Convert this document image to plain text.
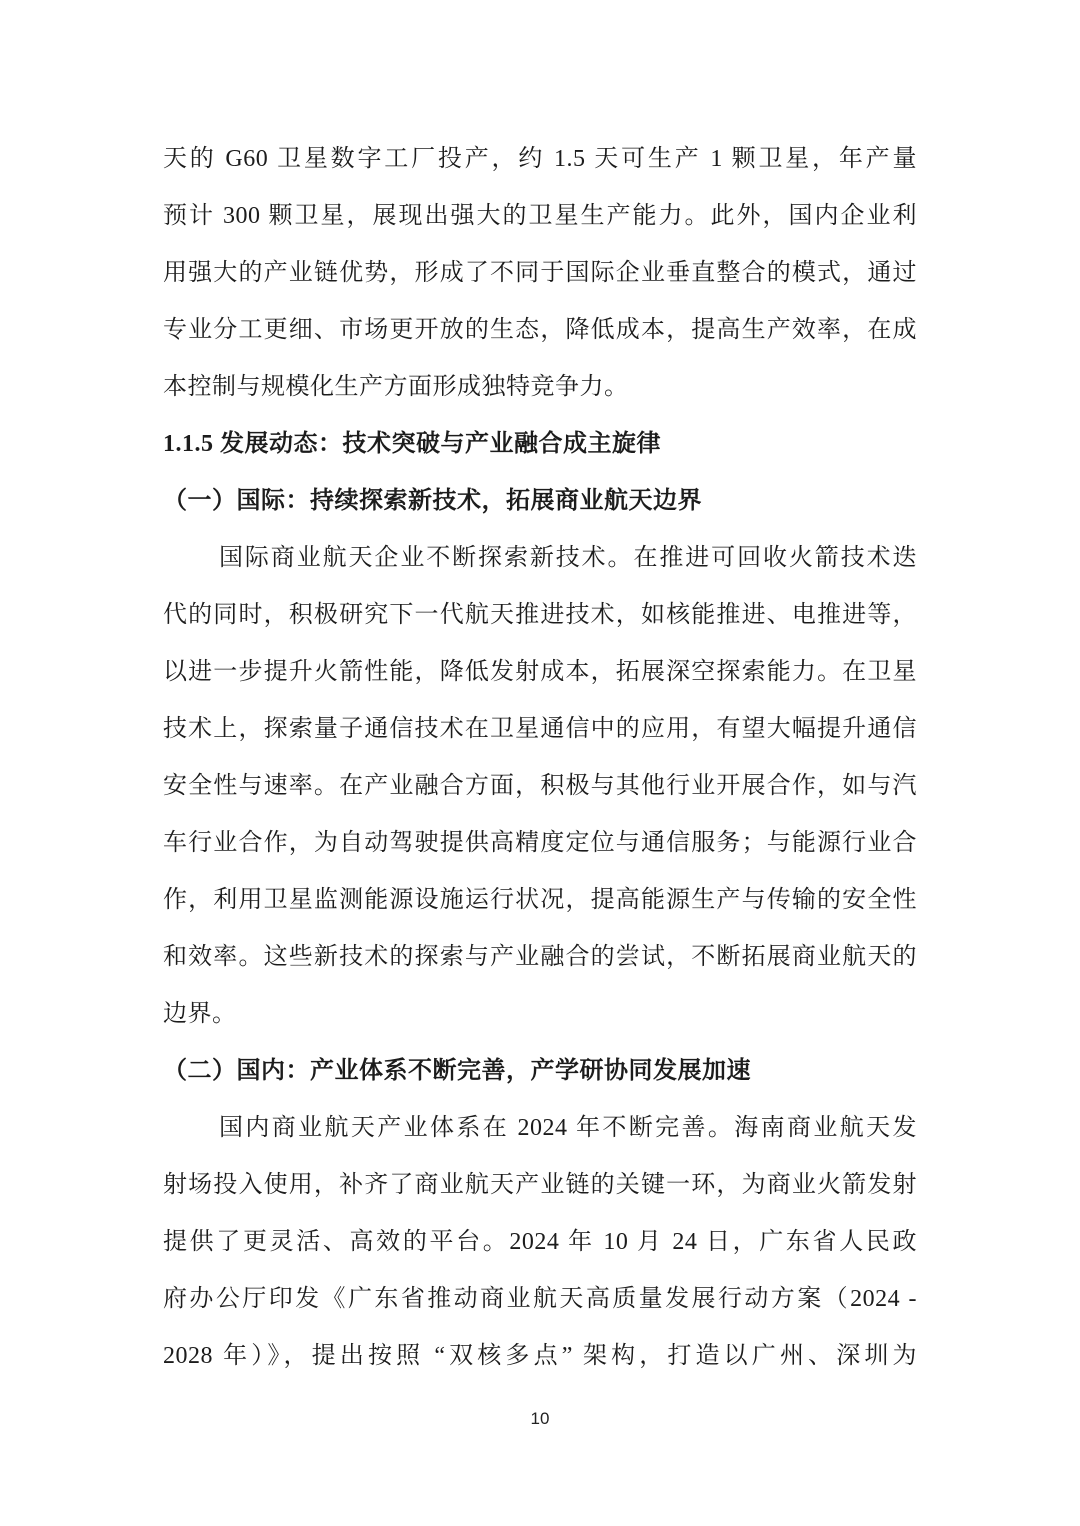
天的 G60 卫星数字工厂投产，约 1.5 天可生产 1 颗卫星，年产量
预计 300 颗卫星，展现出强大的卫星生产能力。此外，国内企业利
用强大的产业链优势，形成了不同于国际企业垂直整合的模式，通过
专业分工更细、市场更开放的生态，降低成本，提高生产效率，在成
本控制与规模化生产方面形成独特竞争力。
1.1.5 发展动态：技术突破与产业融合成主旋律
（一）国际：持续探索新技术，拓展商业航天边界
国际商业航天企业不断探索新技术。在推进可回收火箭技术迭
代的同时，积极研究下一代航天推进技术，如核能推进、电推进等，
以进一步提升火箭性能，降低发射成本，拓展深空探索能力。在卫星
技术上，探索量子通信技术在卫星通信中的应用，有望大幅提升通信
安全性与速率。在产业融合方面，积极与其他行业开展合作，如与汽
车行业合作，为自动驾驶提供高精度定位与通信服务；与能源行业合
作，利用卫星监测能源设施运行状况，提高能源生产与传输的安全性
和效率。这些新技术的探索与产业融合的尝试，不断拓展商业航天的
边界。
（二）国内：产业体系不断完善，产学研协同发展加速
国内商业航天产业体系在 2024 年不断完善。海南商业航天发
射场投入使用，补齐了商业航天产业链的关键一环，为商业火箭发射
提供了更灵活、高效的平台。2024 年 10 月 24 日，广东省人民政
府办公厅印发《广东省推动商业航天高质量发展行动方案（2024 -
2028 年）》，提出按照 “双核多点” 架构，打造以广州、深圳为
10
